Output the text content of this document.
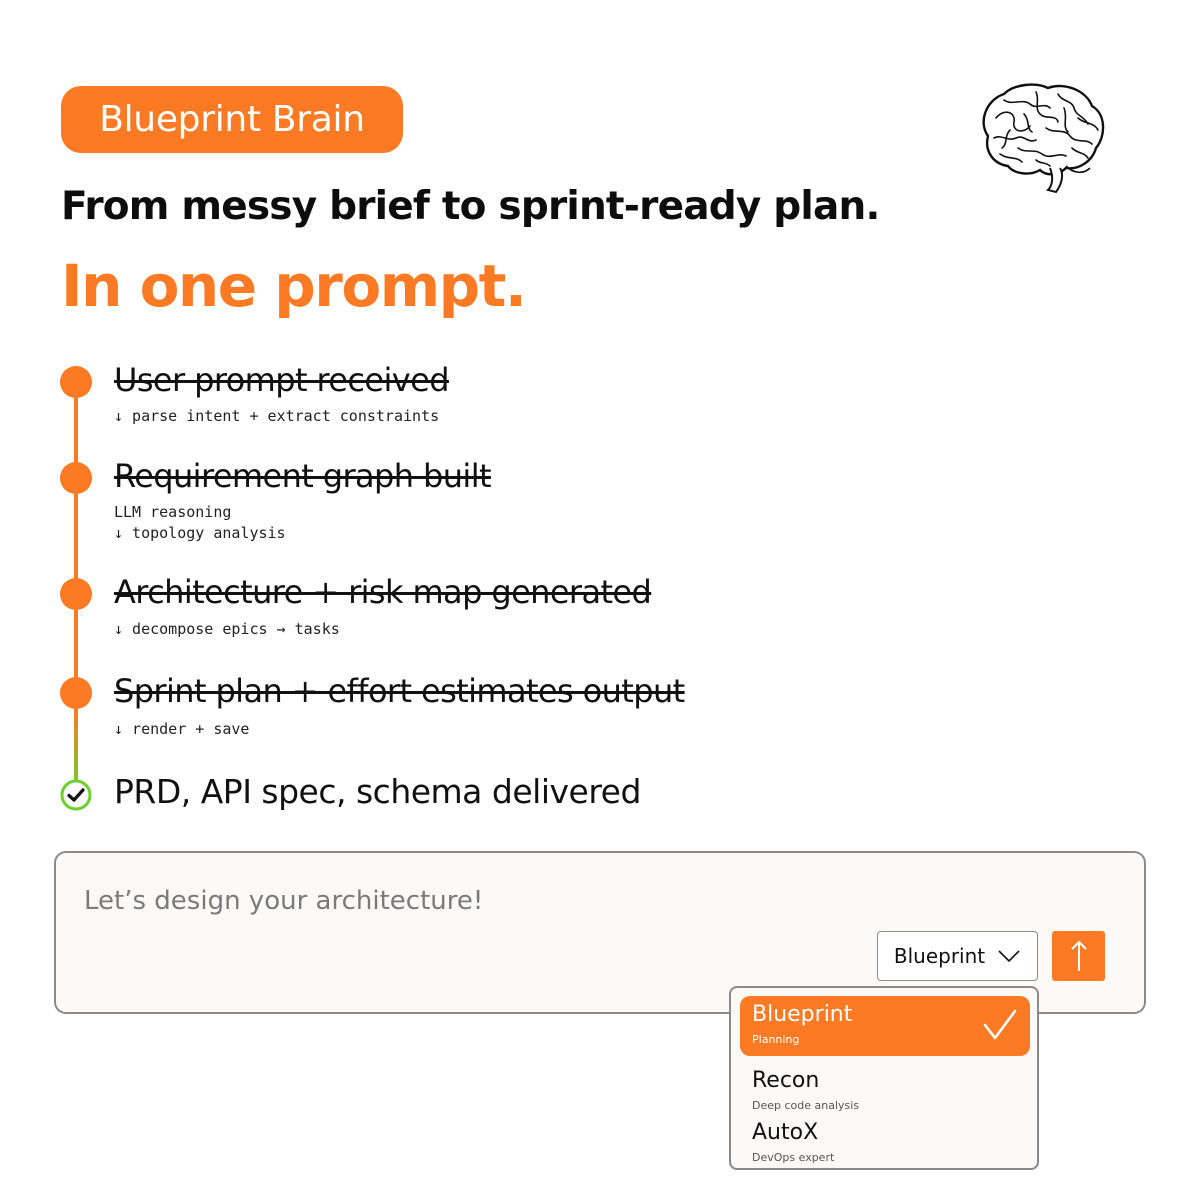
Blueprint Brain
From messy brief to sprint-ready plan.
In one prompt.
User prompt received
↓ parse intent + extract constraints
Requirement graph built
LLM reasoning
↓ topology analysis
Architecture + risk map generated
↓ decompose epics → tasks
Sprint plan + effort estimates output
↓ render + save
PRD, API spec, schema delivered
Let’s design your architecture!
Blueprint
Blueprint
Planning
Recon
Deep code analysis
AutoX
DevOps expert
